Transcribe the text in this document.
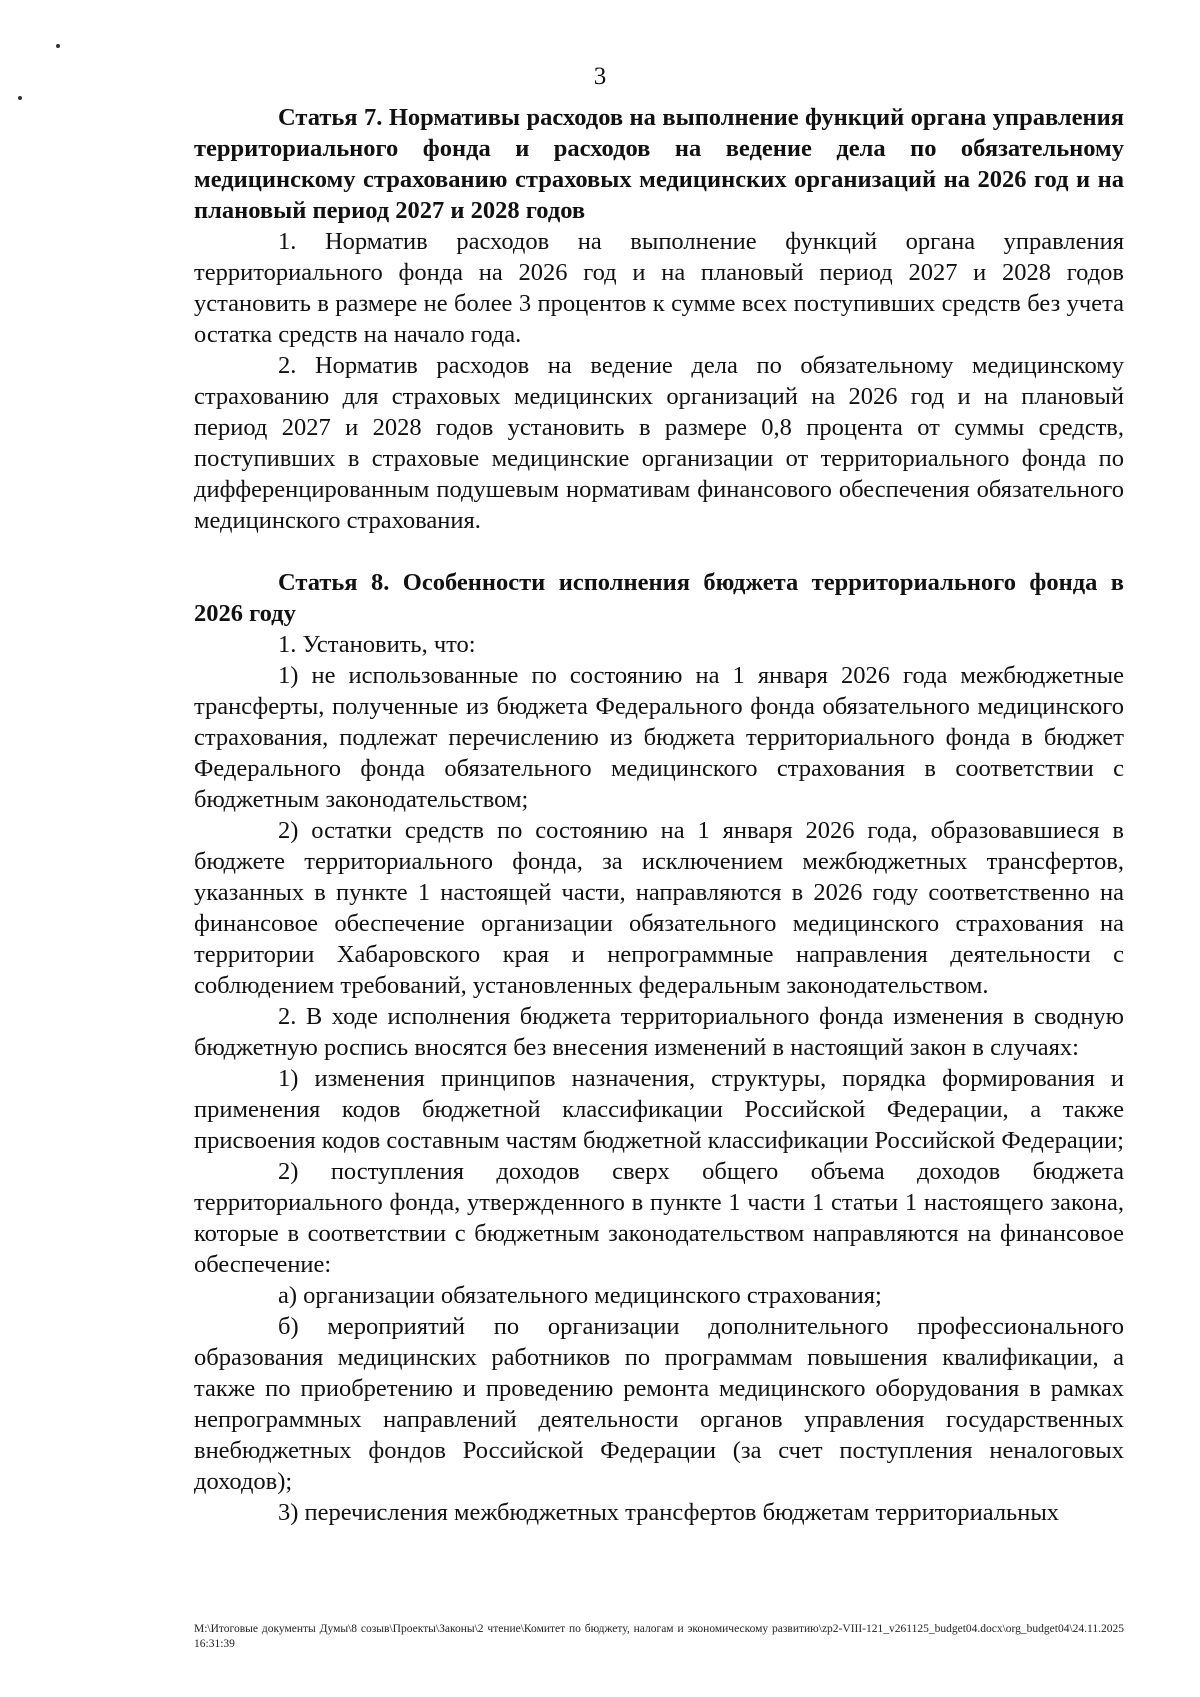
3

Статья 7. Нормативы расходов на выполнение функций органа управления территориального фонда и расходов на ведение дела по обязательному медицинскому страхованию страховых медицинских организаций на 2026 год и на плановый период 2027 и 2028 годов

1. Норматив расходов на выполнение функций органа управления территориального фонда на 2026 год и на плановый период 2027 и 2028 годов установить в размере не более 3 процентов к сумме всех поступивших средств без учета остатка средств на начало года.

2. Норматив расходов на ведение дела по обязательному медицинскому страхованию для страховых медицинских организаций на 2026 год и на плановый период 2027 и 2028 годов установить в размере 0,8 процента от суммы средств, поступивших в страховые медицинские организации от территориального фонда по дифференцированным подушевым нормативам финансового обеспечения обязательного медицинского страхования.

Статья 8. Особенности исполнения бюджета территориального фонда в 2026 году

1. Установить, что:

1) не использованные по состоянию на 1 января 2026 года межбюджетные трансферты, полученные из бюджета Федерального фонда обязательного медицинского страхования, подлежат перечислению из бюджета территориального фонда в бюджет Федерального фонда обязательного медицинского страхования в соответствии с бюджетным законодательством;

2) остатки средств по состоянию на 1 января 2026 года, образовавшиеся в бюджете территориального фонда, за исключением межбюджетных трансфертов, указанных в пункте 1 настоящей части, направляются в 2026 году соответственно на финансовое обеспечение организации обязательного медицинского страхования на территории Хабаровского края и непрограммные направления деятельности с соблюдением требований, установленных федеральным законодательством.

2. В ходе исполнения бюджета территориального фонда изменения в сводную бюджетную роспись вносятся без внесения изменений в настоящий закон в случаях:

1) изменения принципов назначения, структуры, порядка формирования и применения кодов бюджетной классификации Российской Федерации, а также присвоения кодов составным частям бюджетной классификации Российской Федерации;

2) поступления доходов сверх общего объема доходов бюджета территориального фонда, утвержденного в пункте 1 части 1 статьи 1 настоящего закона, которые в соответствии с бюджетным законодательством направляются на финансовое обеспечение:

а) организации обязательного медицинского страхования;

б) мероприятий по организации дополнительного профессионального образования медицинских работников по программам повышения квалификации, а также по приобретению и проведению ремонта медицинского оборудования в рамках непрограммных направлений деятельности органов управления государственных внебюджетных фондов Российской Федерации (за счет поступления неналоговых доходов);

3) перечисления межбюджетных трансфертов бюджетам территориальных

M:\Итоговые документы Думы\8 созыв\Проекты\Законы\2 чтение\Комитет по бюджету, налогам и экономическому развитию\zp2-VIII-121_v261125_budget04.docx\org_budget04\24.11.2025 16:31:39
